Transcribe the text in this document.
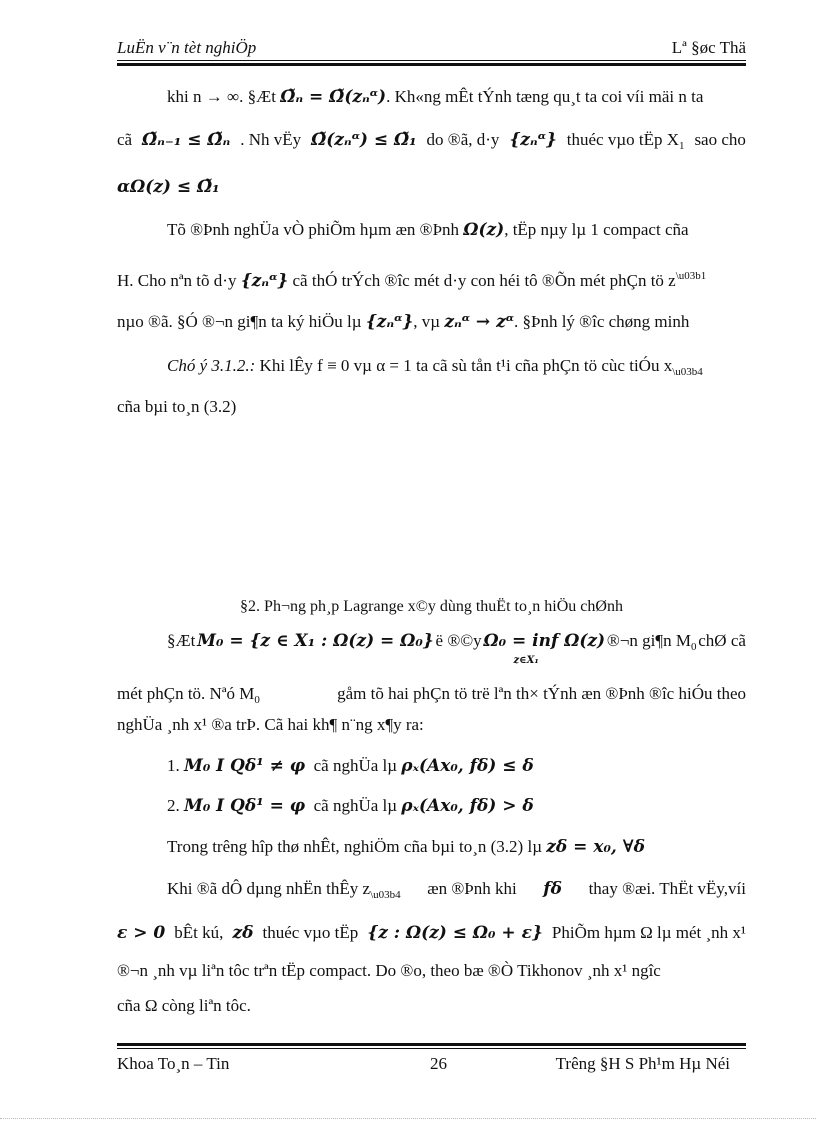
LuËn v¨n tèt nghiÖp	Lª §øc Thä
khi n → ∞. §Æt Ω̃ₙ = Ω̃(zₙᵅ). Kh«ng mÊt tÝnh tæng qu¸t ta coi víi mäi n ta
cã Ω̃ₙ₋₁ ≤ Ω̃ₙ . Nh vËy Ω̃(zₙᵅ) ≤ Ω̃₁ do ®ã, d·y {zₙᵅ} thuéc vµo tËp $X_1$ sao cho
αΩ(z) ≤ Ω̃₁
Tõ ®Þnh nghÜa vÒ phiÕm hµm æn ®Þnh Ω(z), tËp nµy lµ 1 compact cña
H. Cho nªn tõ d·y {zₙᵅ} cã thÓ trÝch ®îc mét d·y con héi tô ®Õn mét phÇn tö $z^{\backslash u03b1}$
nµo ®ã. §Ó ®¬n gi¶n ta ký hiÖu lµ {zₙᵅ}, vµ zₙᵅ → zᵅ. §Þnh lý ®îc chøng minh
Chó ý 3.1.2.: Khi lÊy f ≡ 0 vµ α = 1 ta cã sù tån t¹i cña phÇn tö cùc tiÓu $x_{\backslash u03b4}$
cña bµi to¸n (3.2)
§2. Ph¬ng ph¸p Lagrange x©y dùng thuËt to¸n hiÖu chØnh
§Æt M₀ = {z ∈ X₁ : Ω(z) = Ω₀} ë ®©y Ω₀ = inf Ω(z)
z∈X₁
®¬n gi¶n $M_0$ chØ cã
mét phÇn tö. Nªó $M_0$	gåm tõ hai phÇn tö trë lªn th× tÝnh æn ®Þnh ®îc hiÓu theo
nghÜa ¸nh x¹ ®a trÞ. Cã hai kh¶ n¨ng x¶y ra:
1. M₀ I Qδ¹ ≠ φ cã nghÜa lµ ρₓ(Ax₀, fδ) ≤ δ
2. M₀ I Qδ¹ = φ cã nghÜa lµ ρₓ(Ax₀, fδ) > δ
Trong trêng hîp thø nhÊt, nghiÖm cña bµi to¸n (3.2) lµ zδ = x₀, ∀δ
Khi ®ã dÔ dµng nhËn thÊy $z_{\backslash u03b4}$ æn ®Þnh khi fδ thay ®æi. ThËt vËy,víi
ε > 0 bÊt kú, zδ thuéc vµo tËp {z : Ω(z) ≤ Ω₀ + ε} PhiÕm hµm Ω lµ mét ¸nh x¹
®¬n ¸nh vµ liªn tôc trªn tËp compact. Do ®o, theo bæ ®Ò Tikhonov ¸nh x¹ ngîc
cña Ω còng liªn tôc.
Khoa To¸n – Tin	26	Trêng §H S Ph¹m Hµ Néi
